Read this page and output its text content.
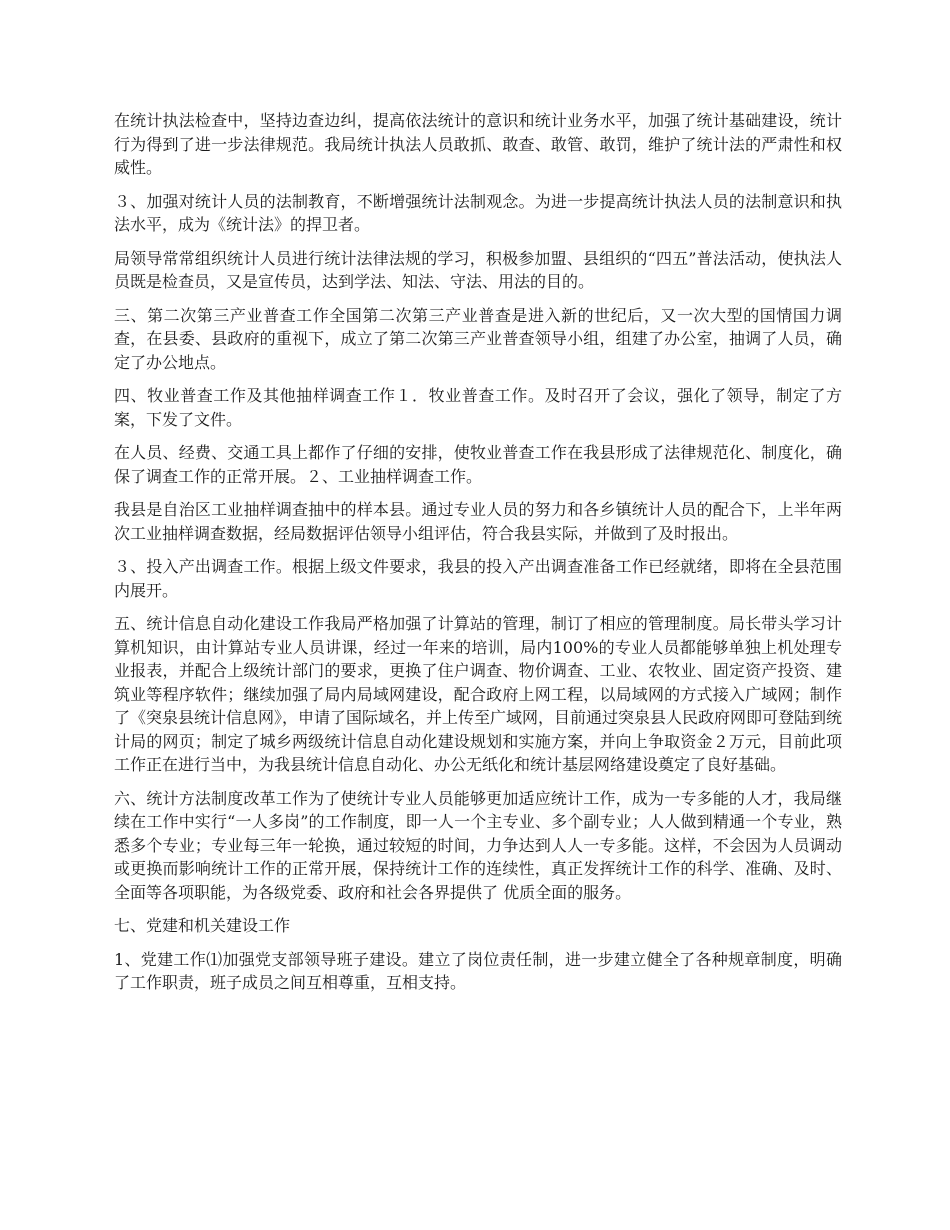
在统计执法检查中，坚持边查边纠，提高依法统计的意识和统计业务水平，加强了统计基础建设，统计行为得到了进一步法律规范。我局统计执法人员敢抓、敢查、敢管、敢罚，维护了统计法的严肃性和权威性。

３、加强对统计人员的法制教育，不断增强统计法制观念。为进一步提高统计执法人员的法制意识和执法水平，成为《统计法》的捍卫者。

局领导常常组织统计人员进行统计法律法规的学习，积极参加盟、县组织的“四五”普法活动，使执法人员既是检查员，又是宣传员，达到学法、知法、守法、用法的目的。

三、第二次第三产业普查工作全国第二次第三产业普查是进入新的世纪后，又一次大型的国情国力调查，在县委、县政府的重视下，成立了第二次第三产业普查领导小组，组建了办公室，抽调了人员，确定了办公地点。

四、牧业普查工作及其他抽样调查工作１．牧业普查工作。及时召开了会议，强化了领导，制定了方案，下发了文件。

在人员、经费、交通工具上都作了仔细的安排，使牧业普查工作在我县形成了法律规范化、制度化，确保了调查工作的正常开展。２、工业抽样调查工作。

我县是自治区工业抽样调查抽中的样本县。通过专业人员的努力和各乡镇统计人员的配合下，上半年两次工业抽样调查数据，经局数据评估领导小组评估，符合我县实际，并做到了及时报出。

３、投入产出调查工作。根据上级文件要求，我县的投入产出调查准备工作已经就绪，即将在全县范围内展开。

五、统计信息自动化建设工作我局严格加强了计算站的管理，制订了相应的管理制度。局长带头学习计算机知识，由计算站专业人员讲课，经过一年来的培训，局内100%的专业人员都能够单独上机处理专业报表，并配合上级统计部门的要求，更换了住户调查、物价调查、工业、农牧业、固定资产投资、建筑业等程序软件；继续加强了局内局域网建设，配合政府上网工程，以局域网的方式接入广域网；制作了《突泉县统计信息网》，申请了国际域名，并上传至广域网，目前通过突泉县人民政府网即可登陆到统计局的网页；制定了城乡两级统计信息自动化建设规划和实施方案，并向上争取资金２万元，目前此项工作正在进行当中，为我县统计信息自动化、办公无纸化和统计基层网络建设奠定了良好基础。

六、统计方法制度改革工作为了使统计专业人员能够更加适应统计工作，成为一专多能的人才，我局继续在工作中实行“一人多岗”的工作制度，即一人一个主专业、多个副专业；人人做到精通一个专业，熟悉多个专业；专业每三年一轮换，通过较短的时间，力争达到人人一专多能。这样，不会因为人员调动或更换而影响统计工作的正常开展，保持统计工作的连续性，真正发挥统计工作的科学、准确、及时、全面等各项职能，为各级党委、政府和社会各界提供了 优质全面的服务。

七、党建和机关建设工作

1、党建工作⑴加强党支部领导班子建设。建立了岗位责任制，进一步建立健全了各种规章制度，明确了工作职责，班子成员之间互相尊重，互相支持。
